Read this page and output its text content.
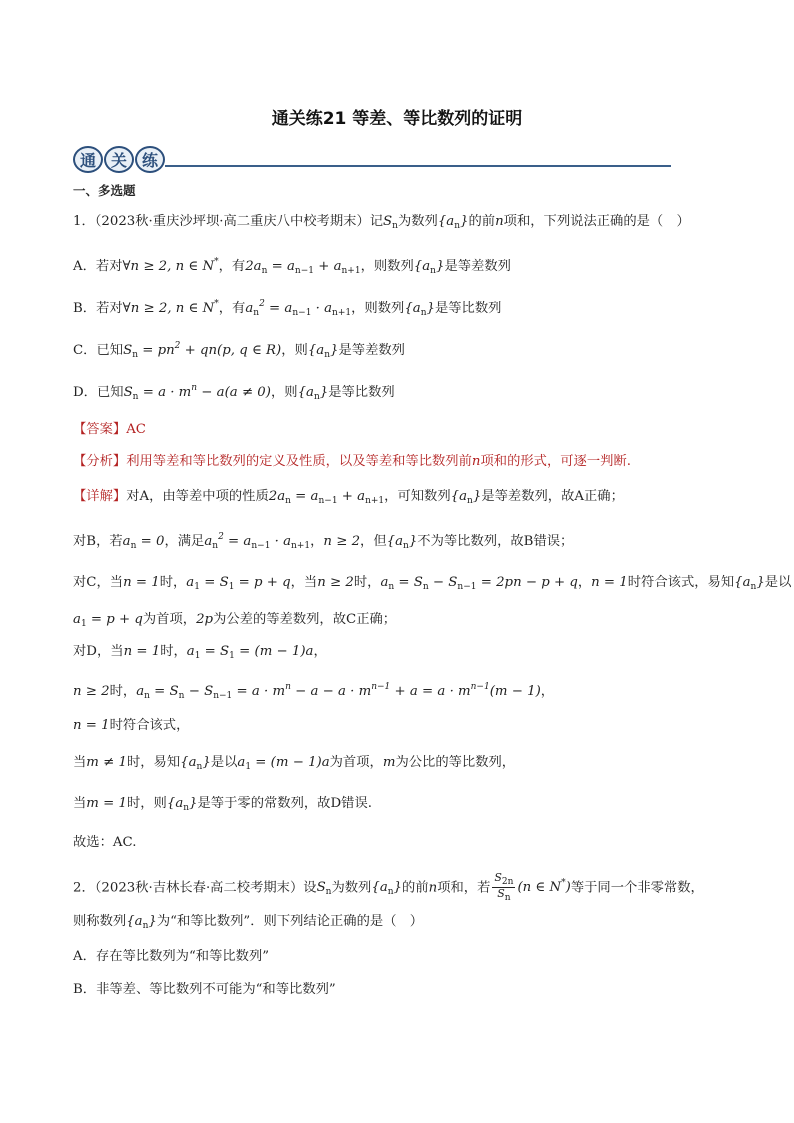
通关练21 等差、等比数列的证明
通 关 练
一、多选题
1．（2023秋·重庆沙坪坝·高二重庆八中校考期末）记$S_n$为数列$\{a_n\}$的前n项和，下列说法正确的是（　）
A．若对∀n ≥ 2, n ∈ N*，有$2a_n = a_{n-1} + a_{n+1}$，则数列$\{a_n\}$是等差数列
B．若对∀n ≥ 2, n ∈ N*，有$a_n^2 = a_{n-1} \cdot a_{n+1}$，则数列$\{a_n\}$是等比数列
C．已知$S_n = pn^2 + qn(p$, q ∈ R)，则$\{a_n\}$是等差数列
D．已知$S_n = a \cdot m^n - a(a \ne 0)$，则$\{a_n\}$是等比数列
【答案】AC
【分析】利用等差和等比数列的定义及性质，以及等差和等比数列前n项和的形式，可逐一判断.
【详解】对A，由等差中项的性质$2a_n = a_{n-1} + a_{n+1}$，可知数列$\{a_n\}$是等差数列，故A正确；
对B，若$a_n = 0$，满足$a_n^2 = a_{n-1} \cdot a_{n+1}$，n ≥ 2，但$\{a_n\}$不为等比数列，故B错误；
对C，当n = 1时，$a_1 = S_1 = p + q$，当n ≥ 2时，$a_n = S_n - S_{n-1} = 2pn - p + q$，n = 1时符合该式，易知$\{a_n\}$是以
$a_1 = p + q$为首项，2p为公差的等差数列，故C正确；
对D，当n = 1时，$a_1 = S_1 = (m - 1)a$，
n ≥ 2时，$a_n = S_n - S_{n-1} = a \cdot m^n - a - a \cdot m^{n-1} + a = a \cdot m^{n-1}(m - 1)$，
n = 1时符合该式，
当m ≠ 1时，易知$\{a_n\}$是以$a_1 = (m - 1)a$为首项，m为公比的等比数列，
当m = 1时，则$\{a_n\}$是等于零的常数列，故D错误.
故选：AC.
2．（2023秋·吉林长春·高二校考期末）设$S_n$为数列$\{a_n\}$的前n项和，若 $\frac{S_{2n}}{S_n} (n$ ∈ N*)等于同一个非零常数，
则称数列$\{a_n\}$为“和等比数列”．则下列结论正确的是（　）
A．存在等比数列为“和等比数列”
B．非等差、等比数列不可能为“和等比数列”
